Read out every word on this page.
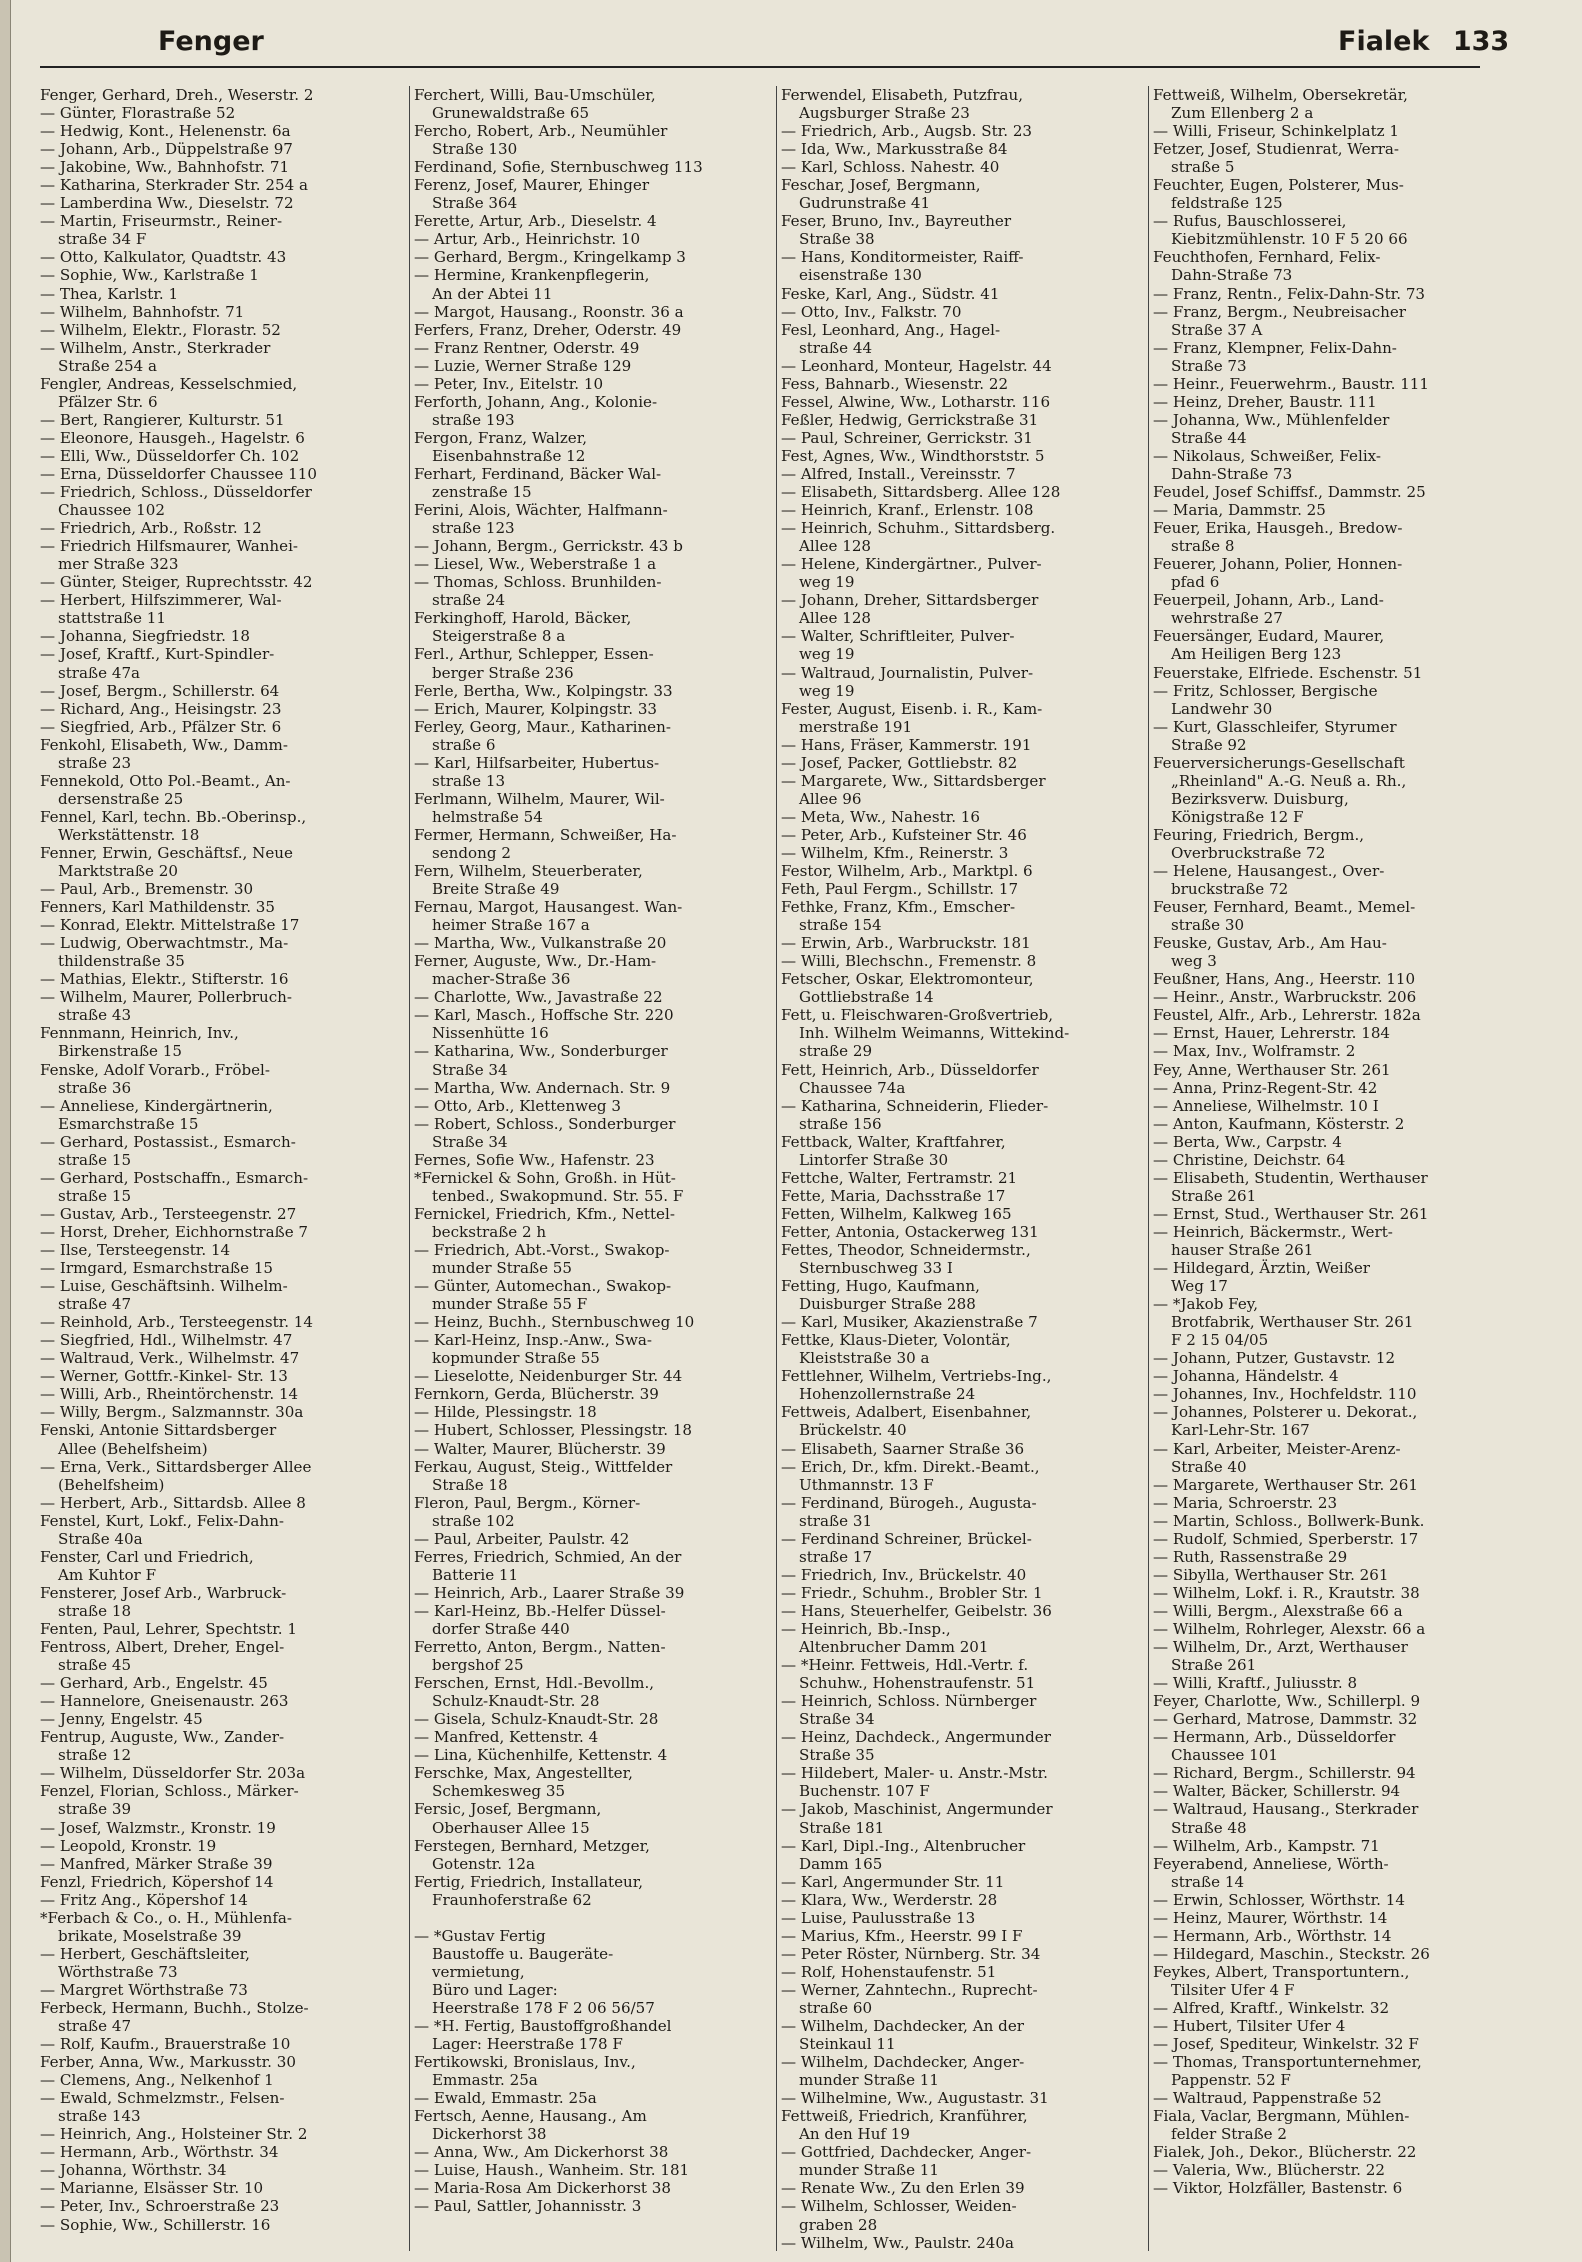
Fenger	Fialek 133
Fenger, Gerhard, Dreh., Weserstr. 2
— Günter, Florastraße 52
— Hedwig, Kont., Helenenstr. 6a
— Johann, Arb., Düppelstraße 97
— Jakobine, Ww., Bahnhofstr. 71
— Katharina, Sterkrader Str. 254 a
— Lamberdina Ww., Dieselstr. 72
— Martin, Friseurmstr., Reiner-
straße 34 F
— Otto, Kalkulator, Quadtstr. 43
— Sophie, Ww., Karlstraße 1
— Thea, Karlstr. 1
— Wilhelm, Bahnhofstr. 71
— Wilhelm, Elektr., Florastr. 52
— Wilhelm, Anstr., Sterkrader
Straße 254 a
Fengler, Andreas, Kesselschmied,
Pfälzer Str. 6
— Bert, Rangierer, Kulturstr. 51
— Eleonore, Hausgeh., Hagelstr. 6
— Elli, Ww., Düsseldorfer Ch. 102
— Erna, Düsseldorfer Chaussee 110
— Friedrich, Schloss., Düsseldorfer
Chaussee 102
— Friedrich, Arb., Roßstr. 12
— Friedrich Hilfsmaurer, Wanhei-
mer Straße 323
— Günter, Steiger, Ruprechtsstr. 42
— Herbert, Hilfszimmerer, Wal-
stattstraße 11
— Johanna, Siegfriedstr. 18
— Josef, Kraftf., Kurt-Spindler-
straße 47a
— Josef, Bergm., Schillerstr. 64
— Richard, Ang., Heisingstr. 23
— Siegfried, Arb., Pfälzer Str. 6
Fenkohl, Elisabeth, Ww., Damm-
straße 23
Fennekold, Otto Pol.-Beamt., An-
dersenstraße 25
Fennel, Karl, techn. Bb.-Oberinsp.,
Werkstättenstr. 18
Fenner, Erwin, Geschäftsf., Neue
Marktstraße 20
— Paul, Arb., Bremenstr. 30
Fenners, Karl Mathildenstr. 35
— Konrad, Elektr. Mittelstraße 17
— Ludwig, Oberwachtmstr., Ma-
thildenstraße 35
— Mathias, Elektr., Stifterstr. 16
— Wilhelm, Maurer, Pollerbruch-
straße 43
Fennmann, Heinrich, Inv.,
Birkenstraße 15
Fenske, Adolf Vorarb., Fröbel-
straße 36
— Anneliese, Kindergärtnerin,
Esmarchstraße 15
— Gerhard, Postassist., Esmarch-
straße 15
— Gerhard, Postschaffn., Esmarch-
straße 15
— Gustav, Arb., Tersteegenstr. 27
— Horst, Dreher, Eichhornstraße 7
— Ilse, Tersteegenstr. 14
— Irmgard, Esmarchstraße 15
— Luise, Geschäftsinh. Wilhelm-
straße 47
— Reinhold, Arb., Tersteegenstr. 14
— Siegfried, Hdl., Wilhelmstr. 47
— Waltraud, Verk., Wilhelmstr. 47
— Werner, Gottfr.-Kinkel- Str. 13
— Willi, Arb., Rheintörchenstr. 14
— Willy, Bergm., Salzmannstr. 30a
Fenski, Antonie Sittardsberger
Allee (Behelfsheim)
— Erna, Verk., Sittardsberger Allee
(Behelfsheim)
— Herbert, Arb., Sittardsb. Allee 8
Fenstel, Kurt, Lokf., Felix-Dahn-
Straße 40a
Fenster, Carl und Friedrich,
Am Kuhtor F
Fensterer, Josef Arb., Warbruck-
straße 18
Fenten, Paul, Lehrer, Spechtstr. 1
Fentross, Albert, Dreher, Engel-
straße 45
— Gerhard, Arb., Engelstr. 45
— Hannelore, Gneisenaustr. 263
— Jenny, Engelstr. 45
Fentrup, Auguste, Ww., Zander-
straße 12
— Wilhelm, Düsseldorfer Str. 203a
Fenzel, Florian, Schloss., Märker-
straße 39
— Josef, Walzmstr., Kronstr. 19
— Leopold, Kronstr. 19
— Manfred, Märker Straße 39
Fenzl, Friedrich, Köpershof 14
— Fritz Ang., Köpershof 14
*Ferbach & Co., o. H., Mühlenfa-
brikate, Moselstraße 39
— Herbert, Geschäftsleiter,
Wörthstraße 73
— Margret Wörthstraße 73
Ferbeck, Hermann, Buchh., Stolze-
straße 47
— Rolf, Kaufm., Brauerstraße 10
Ferber, Anna, Ww., Markusstr. 30
— Clemens, Ang., Nelkenhof 1
— Ewald, Schmelzmstr., Felsen-
straße 143
— Heinrich, Ang., Holsteiner Str. 2
— Hermann, Arb., Wörthstr. 34
— Johanna, Wörthstr. 34
— Marianne, Elsässer Str. 10
— Peter, Inv., Schroerstraße 23
— Sophie, Ww., Schillerstr. 16
Ferchert, Willi, Bau-Umschüler,
Grunewaldstraße 65
Fercho, Robert, Arb., Neumühler
Straße 130
Ferdinand, Sofie, Sternbuschweg 113
Ferenz, Josef, Maurer, Ehinger
Straße 364
Ferette, Artur, Arb., Dieselstr. 4
— Artur, Arb., Heinrichstr. 10
— Gerhard, Bergm., Kringelkamp 3
— Hermine, Krankenpflegerin,
An der Abtei 11
— Margot, Hausang., Roonstr. 36 a
Ferfers, Franz, Dreher, Oderstr. 49
— Franz Rentner, Oderstr. 49
— Luzie, Werner Straße 129
— Peter, Inv., Eitelstr. 10
Ferforth, Johann, Ang., Kolonie-
straße 193
Fergon, Franz, Walzer,
Eisenbahnstraße 12
Ferhart, Ferdinand, Bäcker Wal-
zenstraße 15
Ferini, Alois, Wächter, Halfmann-
straße 123
— Johann, Bergm., Gerrickstr. 43 b
— Liesel, Ww., Weberstraße 1 a
— Thomas, Schloss. Brunhilden-
straße 24
Ferkinghoff, Harold, Bäcker,
Steigerstraße 8 a
Ferl., Arthur, Schlepper, Essen-
berger Straße 236
Ferle, Bertha, Ww., Kolpingstr. 33
— Erich, Maurer, Kolpingstr. 33
Ferley, Georg, Maur., Katharinen-
straße 6
— Karl, Hilfsarbeiter, Hubertus-
straße 13
Ferlmann, Wilhelm, Maurer, Wil-
helmstraße 54
Fermer, Hermann, Schweißer, Ha-
sendong 2
Fern, Wilhelm, Steuerberater,
Breite Straße 49
Fernau, Margot, Hausangest. Wan-
heimer Straße 167 a
— Martha, Ww., Vulkanstraße 20
Ferner, Auguste, Ww., Dr.-Ham-
macher-Straße 36
— Charlotte, Ww., Javastraße 22
— Karl, Masch., Hoffsche Str. 220
Nissenhütte 16
— Katharina, Ww., Sonderburger
Straße 34
— Martha, Ww. Andernach. Str. 9
— Otto, Arb., Klettenweg 3
— Robert, Schloss., Sonderburger
Straße 34
Fernes, Sofie Ww., Hafenstr. 23
*Fernickel & Sohn, Großh. in Hüt-
tenbed., Swakopmund. Str. 55. F
Fernickel, Friedrich, Kfm., Nettel-
beckstraße 2 h
— Friedrich, Abt.-Vorst., Swakop-
munder Straße 55
— Günter, Automechan., Swakop-
munder Straße 55 F
— Heinz, Buchh., Sternbuschweg 10
— Karl-Heinz, Insp.-Anw., Swa-
kopmunder Straße 55
— Lieselotte, Neidenburger Str. 44
Fernkorn, Gerda, Blücherstr. 39
— Hilde, Plessingstr. 18
— Hubert, Schlosser, Plessingstr. 18
— Walter, Maurer, Blücherstr. 39
Ferkau, August, Steig., Wittfelder
Straße 18
Fleron, Paul, Bergm., Körner-
straße 102
— Paul, Arbeiter, Paulstr. 42
Ferres, Friedrich, Schmied, An der
Batterie 11
— Heinrich, Arb., Laarer Straße 39
— Karl-Heinz, Bb.-Helfer Düssel-
dorfer Straße 440
Ferretto, Anton, Bergm., Natten-
bergshof 25
Ferschen, Ernst, Hdl.-Bevollm.,
Schulz-Knaudt-Str. 28
— Gisela, Schulz-Knaudt-Str. 28
— Manfred, Kettenstr. 4
— Lina, Küchenhilfe, Kettenstr. 4
Ferschke, Max, Angestellter,
Schemkesweg 35
Fersic, Josef, Bergmann,
Oberhauser Allee 15
Ferstegen, Bernhard, Metzger,
Gotenstr. 12a
Fertig, Friedrich, Installateur,
Fraunhoferstraße 62

— *Gustav Fertig
Baustoffe u. Baugeräte-
vermietung,
Büro und Lager:
Heerstraße 178 F 2 06 56/57
— *H. Fertig, Baustoffgroßhandel
Lager: Heerstraße 178 F
Fertikowski, Bronislaus, Inv.,
Emmastr. 25a
— Ewald, Emmastr. 25a
Fertsch, Aenne, Hausang., Am
Dickerhorst 38
— Anna, Ww., Am Dickerhorst 38
— Luise, Haush., Wanheim. Str. 181
— Maria-Rosa Am Dickerhorst 38
— Paul, Sattler, Johannisstr. 3
Ferwendel, Elisabeth, Putzfrau,
Augsburger Straße 23
— Friedrich, Arb., Augsb. Str. 23
— Ida, Ww., Markusstraße 84
— Karl, Schloss. Nahestr. 40
Feschar, Josef, Bergmann,
Gudrunstraße 41
Feser, Bruno, Inv., Bayreuther
Straße 38
— Hans, Konditormeister, Raiff-
eisenstraße 130
Feske, Karl, Ang., Südstr. 41
— Otto, Inv., Falkstr. 70
Fesl, Leonhard, Ang., Hagel-
straße 44
— Leonhard, Monteur, Hagelstr. 44
Fess, Bahnarb., Wiesenstr. 22
Fessel, Alwine, Ww., Lotharstr. 116
Feßler, Hedwig, Gerrickstraße 31
— Paul, Schreiner, Gerrickstr. 31
Fest, Agnes, Ww., Windthorststr. 5
— Alfred, Install., Vereinsstr. 7
— Elisabeth, Sittardsberg. Allee 128
— Heinrich, Kranf., Erlenstr. 108
— Heinrich, Schuhm., Sittardsberg.
Allee 128
— Helene, Kindergärtner., Pulver-
weg 19
— Johann, Dreher, Sittardsberger
Allee 128
— Walter, Schriftleiter, Pulver-
weg 19
— Waltraud, Journalistin, Pulver-
weg 19
Fester, August, Eisenb. i. R., Kam-
merstraße 191
— Hans, Fräser, Kammerstr. 191
— Josef, Packer, Gottliebstr. 82
— Margarete, Ww., Sittardsberger
Allee 96
— Meta, Ww., Nahestr. 16
— Peter, Arb., Kufsteiner Str. 46
— Wilhelm, Kfm., Reinerstr. 3
Festor, Wilhelm, Arb., Marktpl. 6
Feth, Paul Fergm., Schillstr. 17
Fethke, Franz, Kfm., Emscher-
straße 154
— Erwin, Arb., Warbruckstr. 181
— Willi, Blechschn., Fremenstr. 8
Fetscher, Oskar, Elektromonteur,
Gottliebstraße 14
Fett, u. Fleischwaren-Großvertrieb,
Inh. Wilhelm Weimanns, Wittekind-
straße 29
Fett, Heinrich, Arb., Düsseldorfer
Chaussee 74a
— Katharina, Schneiderin, Flieder-
straße 156
Fettback, Walter, Kraftfahrer,
Lintorfer Straße 30
Fettche, Walter, Fertramstr. 21
Fette, Maria, Dachsstraße 17
Fetten, Wilhelm, Kalkweg 165
Fetter, Antonia, Ostackerweg 131
Fettes, Theodor, Schneidermstr.,
Sternbuschweg 33 I
Fetting, Hugo, Kaufmann,
Duisburger Straße 288
— Karl, Musiker, Akazienstraße 7
Fettke, Klaus-Dieter, Volontär,
Kleiststraße 30 a
Fettlehner, Wilhelm, Vertriebs-Ing.,
Hohenzollernstraße 24
Fettweis, Adalbert, Eisenbahner,
Brückelstr. 40
— Elisabeth, Saarner Straße 36
— Erich, Dr., kfm. Direkt.-Beamt.,
Uthmannstr. 13 F
— Ferdinand, Bürogeh., Augusta-
straße 31
— Ferdinand Schreiner, Brückel-
straße 17
— Friedrich, Inv., Brückelstr. 40
— Friedr., Schuhm., Brobler Str. 1
— Hans, Steuerhelfer, Geibelstr. 36
— Heinrich, Bb.-Insp.,
Altenbrucher Damm 201
— *Heinr. Fettweis, Hdl.-Vertr. f.
Schuhw., Hohenstraufenstr. 51
— Heinrich, Schloss. Nürnberger
Straße 34
— Heinz, Dachdeck., Angermunder
Straße 35
— Hildebert, Maler- u. Anstr.-Mstr.
Buchenstr. 107 F
— Jakob, Maschinist, Angermunder
Straße 181
— Karl, Dipl.-Ing., Altenbrucher
Damm 165
— Karl, Angermunder Str. 11
— Klara, Ww., Werderstr. 28
— Luise, Paulusstraße 13
— Marius, Kfm., Heerstr. 99 I F
— Peter Röster, Nürnberg. Str. 34
— Rolf, Hohenstaufenstr. 51
— Werner, Zahntechn., Ruprecht-
straße 60
— Wilhelm, Dachdecker, An der
Steinkaul 11
— Wilhelm, Dachdecker, Anger-
munder Straße 11
— Wilhelmine, Ww., Augustastr. 31
Fettweiß, Friedrich, Kranführer,
An den Huf 19
— Gottfried, Dachdecker, Anger-
munder Straße 11
— Renate Ww., Zu den Erlen 39
— Wilhelm, Schlosser, Weiden-
graben 28
— Wilhelm, Ww., Paulstr. 240a
Fettweiß, Wilhelm, Obersekretär,
Zum Ellenberg 2 a
— Willi, Friseur, Schinkelplatz 1
Fetzer, Josef, Studienrat, Werra-
straße 5
Feuchter, Eugen, Polsterer, Mus-
feldstraße 125
— Rufus, Bauschlosserei,
Kiebitzmühlenstr. 10 F 5 20 66
Feuchthofen, Fernhard, Felix-
Dahn-Straße 73
— Franz, Rentn., Felix-Dahn-Str. 73
— Franz, Bergm., Neubreisacher
Straße 37 A
— Franz, Klempner, Felix-Dahn-
Straße 73
— Heinr., Feuerwehrm., Baustr. 111
— Heinz, Dreher, Baustr. 111
— Johanna, Ww., Mühlenfelder
Straße 44
— Nikolaus, Schweißer, Felix-
Dahn-Straße 73
Feudel, Josef Schiffsf., Dammstr. 25
— Maria, Dammstr. 25
Feuer, Erika, Hausgeh., Bredow-
straße 8
Feuerer, Johann, Polier, Honnen-
pfad 6
Feuerpeil, Johann, Arb., Land-
wehrstraße 27
Feuersänger, Eudard, Maurer,
Am Heiligen Berg 123
Feuerstake, Elfriede. Eschenstr. 51
— Fritz, Schlosser, Bergische
Landwehr 30
— Kurt, Glasschleifer, Styrumer
Straße 92
Feuerversicherungs-Gesellschaft
„Rheinland" A.-G. Neuß a. Rh.,
Bezirksverw. Duisburg,
Königstraße 12 F
Feuring, Friedrich, Bergm.,
Overbruckstraße 72
— Helene, Hausangest., Over-
bruckstraße 72
Feuser, Fernhard, Beamt., Memel-
straße 30
Feuske, Gustav, Arb., Am Hau-
weg 3
Feußner, Hans, Ang., Heerstr. 110
— Heinr., Anstr., Warbruckstr. 206
Feustel, Alfr., Arb., Lehrerstr. 182a
— Ernst, Hauer, Lehrerstr. 184
— Max, Inv., Wolframstr. 2
Fey, Anne, Werthauser Str. 261
— Anna, Prinz-Regent-Str. 42
— Anneliese, Wilhelmstr. 10 I
— Anton, Kaufmann, Kösterstr. 2
— Berta, Ww., Carpstr. 4
— Christine, Deichstr. 64
— Elisabeth, Studentin, Werthauser
Straße 261
— Ernst, Stud., Werthauser Str. 261
— Heinrich, Bäckermstr., Wert-
hauser Straße 261
— Hildegard, Ärztin, Weißer
Weg 17
— *Jakob Fey,
Brotfabrik, Werthauser Str. 261
F 2 15 04/05
— Johann, Putzer, Gustavstr. 12
— Johanna, Händelstr. 4
— Johannes, Inv., Hochfeldstr. 110
— Johannes, Polsterer u. Dekorat.,
Karl-Lehr-Str. 167
— Karl, Arbeiter, Meister-Arenz-
Straße 40
— Margarete, Werthauser Str. 261
— Maria, Schroerstr. 23
— Martin, Schloss., Bollwerk-Bunk.
— Rudolf, Schmied, Sperberstr. 17
— Ruth, Rassenstraße 29
— Sibylla, Werthauser Str. 261
— Wilhelm, Lokf. i. R., Krautstr. 38
— Willi, Bergm., Alexstraße 66 a
— Wilhelm, Rohrleger, Alexstr. 66 a
— Wilhelm, Dr., Arzt, Werthauser
Straße 261
— Willi, Kraftf., Juliusstr. 8
Feyer, Charlotte, Ww., Schillerpl. 9
— Gerhard, Matrose, Dammstr. 32
— Hermann, Arb., Düsseldorfer
Chaussee 101
— Richard, Bergm., Schillerstr. 94
— Walter, Bäcker, Schillerstr. 94
— Waltraud, Hausang., Sterkrader
Straße 48
— Wilhelm, Arb., Kampstr. 71
Feyerabend, Anneliese, Wörth-
straße 14
— Erwin, Schlosser, Wörthstr. 14
— Heinz, Maurer, Wörthstr. 14
— Hermann, Arb., Wörthstr. 14
— Hildegard, Maschin., Steckstr. 26
Feykes, Albert, Transportuntern.,
Tilsiter Ufer 4 F
— Alfred, Kraftf., Winkelstr. 32
— Hubert, Tilsiter Ufer 4
— Josef, Spediteur, Winkelstr. 32 F
— Thomas, Transportunternehmer,
Pappenstr. 52 F
— Waltraud, Pappenstraße 52
Fiala, Vaclar, Bergmann, Mühlen-
felder Straße 2
Fialek, Joh., Dekor., Blücherstr. 22
— Valeria, Ww., Blücherstr. 22
— Viktor, Holzfäller, Bastenstr. 6
